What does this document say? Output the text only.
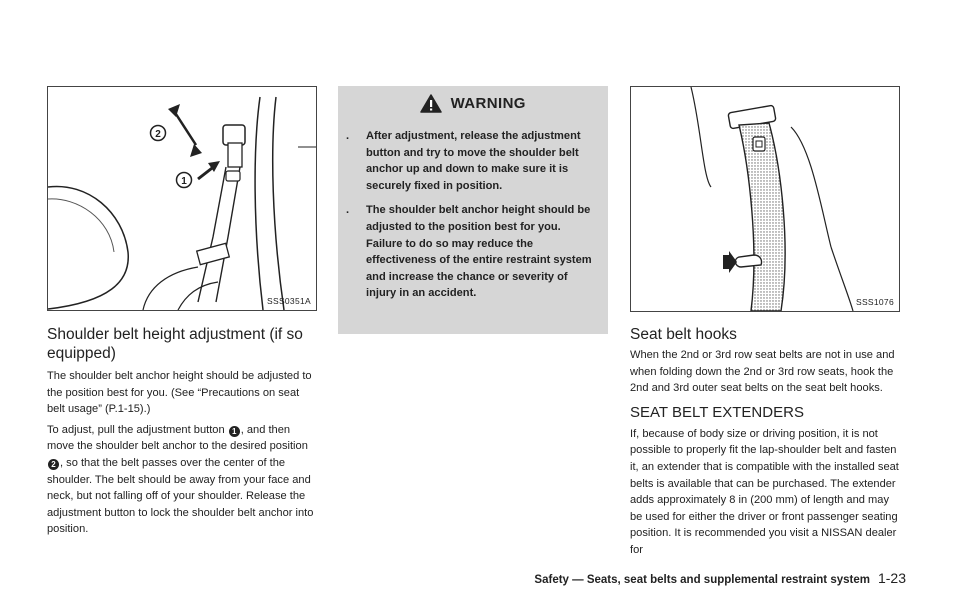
2
1
SSS0351A
Shoulder belt height adjustment (if so equipped)

The shoulder belt anchor height should be adjusted to the position best for you. (See “Precautions on seat belt usage” (P.1-15).)

To adjust, pull the adjustment button 1 , and then move the shoulder belt anchor to the desired position 2 , so that the belt passes over the center of the shoulder. The belt should be away from your face and neck, but not falling off of your shoulder. Release the adjustment button to lock the shoulder belt anchor into position.

WARNING
. After adjustment, release the adjustment button and try to move the shoulder belt anchor up and down to make sure it is securely fixed in position.
. The shoulder belt anchor height should be adjusted to the position best for you. Failure to do so may reduce the effectiveness of the entire restraint system and increase the chance or severity of injury in an accident.
SSS1076
Seat belt hooks

When the 2nd or 3rd row seat belts are not in use and when folding down the 2nd or 3rd row seats, hook the 2nd and 3rd outer seat belts on the seat belt hooks.

SEAT BELT EXTENDERS

If, because of body size or driving position, it is not possible to properly fit the lap-shoulder belt and fasten it, an extender that is compatible with the installed seat belts is available that can be purchased. The extender adds approximately 8 in (200 mm) of length and may be used for either the driver or front passenger seating position. It is recommended you visit a NISSAN dealer for

Safety — Seats, seat belts and supplemental restraint system 1-23
